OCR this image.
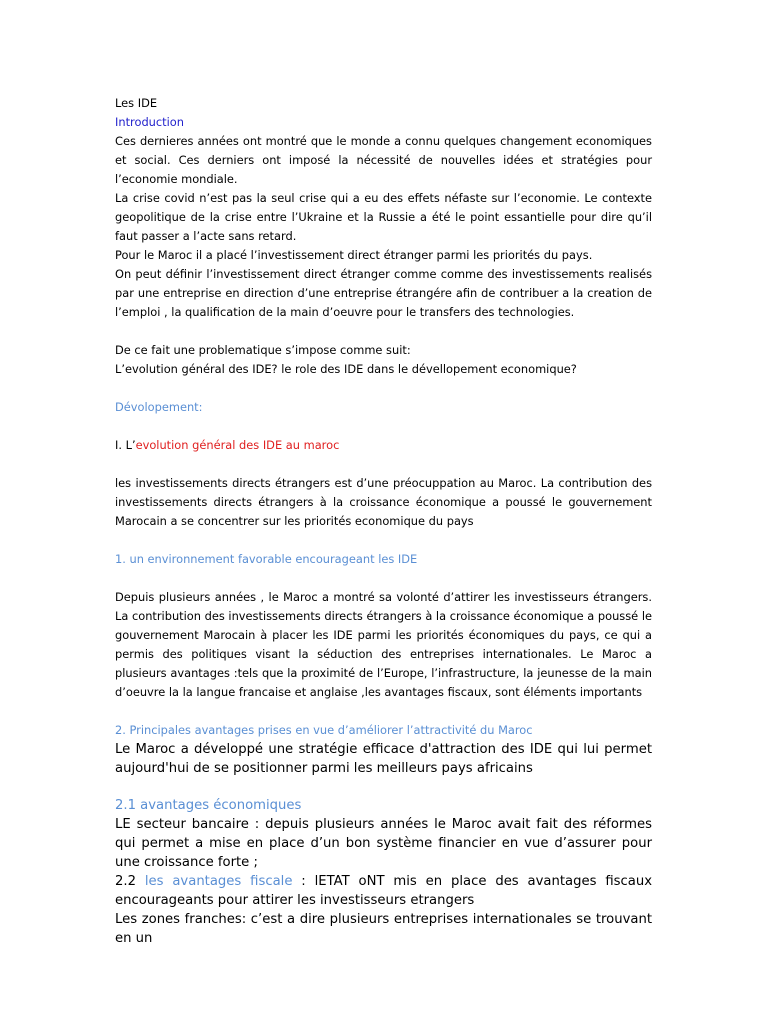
Les IDE

Introduction

Ces dernieres années ont montré que le monde a connu quelques changement economiques et social. Ces derniers ont imposé la nécessité de nouvelles idées et stratégies pour l’economie mondiale.

La crise covid n’est pas la seul crise qui a eu des effets néfaste sur l’economie. Le contexte geopolitique de la crise entre l’Ukraine et la Russie a été le point essantielle pour dire qu’il faut passer a l’acte sans retard.

Pour le Maroc il a placé l’investissement direct étranger parmi les priorités du pays.

On peut définir l’investissement direct étranger comme comme des investissements realisés par une entreprise en direction d’une entreprise étrangére afin de contribuer a la creation de l’emploi , la qualification de la main d’oeuvre pour le transfers des technologies.

De ce fait une problematique s’impose comme suit:

L’evolution général des IDE? le role des IDE dans le dévellopement economique?

Dévolopement:

I. L’evolution général des IDE au maroc

les investissements directs étrangers est d’une préocuppation au Maroc. La contribution des investissements directs étrangers à la croissance économique a poussé le gouvernement Marocain a se concentrer sur les priorités economique du pays

1. un environnement favorable encourageant les IDE

Depuis plusieurs années , le Maroc a montré sa volonté d’attirer les investisseurs étrangers. La contribution des investissements directs étrangers à la croissance économique a poussé le gouvernement Marocain à placer les IDE parmi les priorités économiques du pays, ce qui a permis des politiques visant la séduction des entreprises internationales. Le Maroc a plusieurs avantages :tels que la proximité de l’Europe, l’infrastructure, la jeunesse de la main d’oeuvre la la langue francaise et anglaise ,les avantages fiscaux, sont éléments importants

2. Principales avantages prises en vue d’améliorer l’attractivité du Maroc

Le Maroc a développé une stratégie efficace d'attraction des IDE qui lui permet aujourd'hui de se positionner parmi les meilleurs pays africains

2.1 avantages économiques

LE secteur bancaire : depuis plusieurs années le Maroc avait fait des réformes qui permet a mise en place d’un bon système financier en vue d’assurer pour une croissance forte ;

2.2 les avantages fiscale : lETAT oNT mis en place des avantages fiscaux encourageants pour attirer les investisseurs etrangers

Les zones franches: c’est a dire plusieurs entreprises internationales se trouvant en un
